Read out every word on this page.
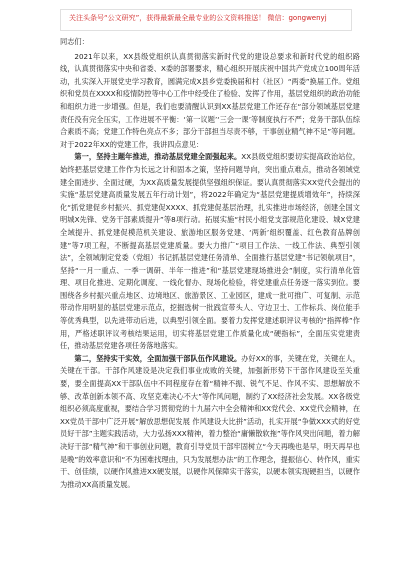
关注头条号“公文研究”，获得最新最全最专业的公文资料推送！ 微信：gongwenyj

同志们：

2021年以来，XX县级党组织认真贯彻落实新时代党的建设总要求和新时代党的组织路线，认真贯彻落实中央和省委、X委的部署要求，精心组织开展庆祝中国共产党成立100周年活动，扎实深入开展党史学习教育，圆满完成X县乡党委换届和村（社区）“两委”换届工作。党组织和党员在XXXX和疫情防控等中心工作中经受住了检验、发挥了作用，基层党组织的政治功能和组织力进一步增强。但是，我们也要清醒认识到XX基层党建工作还存在“部分领域基层党建责任没有完全压实，工作进展不平衡：‘第一议题’‘三会一课’等制度执行不严；党务干部队伍综合素质不高；党建工作特色亮点不多；部分干部担当尽责不够，干事创业精气神不足”等问题。对于2022年XX的党建工作，我讲四点意见：

第一，坚持主题年推进，推动基层党建全面强起来。XX县级党组织要切实提高政治站位，始终把基层党建工作作为长远之计和固本之策，坚持问题导向，突出重点难点，推动各领域党建全面进步、全面过硬，为XX高质量发展提供坚强组织保证。要认真贯彻落实XX党代会提出的实施“基层党建高质量发展五年行动计划”，将2022年确定为“基层党建提质增效年”，持续深化“抓党建促乡村振兴、抓党建促XXXX、抓党建促基层治理，扎实推进市场经济，创建全国文明城X先锋、党务干部素质提升”等8项行动。拓展实施“村民小组党支部规范化建设、城X党建全域提升、抓党建促模范机关建设、旅游地区服务党建、‘两新’组织覆盖、红色教育品牌创建”等7项工程，不断提高基层党建质量。要大力推广“项目工作法、一线工作法、典型引领法”，全领域制定党委（党组）书记抓基层党建任务清单、全面推行基层党建“书记领航项目”，坚持“一月一重点、一季一调研、半年一推进”和“基层党建现场推进会”制度，实行清单化管理、项目化推进、定期化调度、一线化督办、现场化检验，将党建重点任务逐一落实到位。要围绕各乡村振兴重点地区、边境地区、旅游景区、工业园区，建成一批可推广、可复制、示范带动作用明显的基层党建示范点，挖掘选树一批践宣带头人、守边卫士、工作标兵、岗位能手等优秀典型，以先进带动后进，以典型引领全面。要着力发挥党建述职评议考核的“指挥棒”作用，严格述职评议考核结果运用，切实将基层党建工作质量化成“硬指标”，全面压实党建责任，推动基层党建各项任务落地落实。

第二，坚持实干实效，全面加强干部队伍作风建设。办好XX的事，关键在党，关键在人，关键在干部。干部作风建设是决定我们事业成败的关键，加强新形势下干部作风建设至关重要，要全面提高XX干部队伍中不同程度存在着“精神不振、锐气不足、作风不实、思想解放不够、改革创新本领不高、攻坚克难决心不大”等作风问题，制约了XX经济社会发展。XX各级党组织必须高度重视，要结合学习贯彻党的十九届六中全会精神和XX党代会、XX党代会精神，在XX党员干部中广泛开展“解放思想促发展 作风建设大比拼”活动，扎实开展“争做XXX式的好党员好干部”主题实践活动，大力弘扬XXX精神，着力整治“庸懒散软拖”等作风突出问题，着力解决好干部“精气神”和干事创业问题，教育引导党员干部牢固树立“今天再晚也是早，明天再早也是晚”的效率意识和“不为困难找理由，只为发展想办法”的工作理念，提振信心、转作风，重实干、创佳绩，以硬作风推进XX硬发展，以硬作风保障实干落实，以硬本领实现硬担当，以硬作为推动XX高质量发展。
